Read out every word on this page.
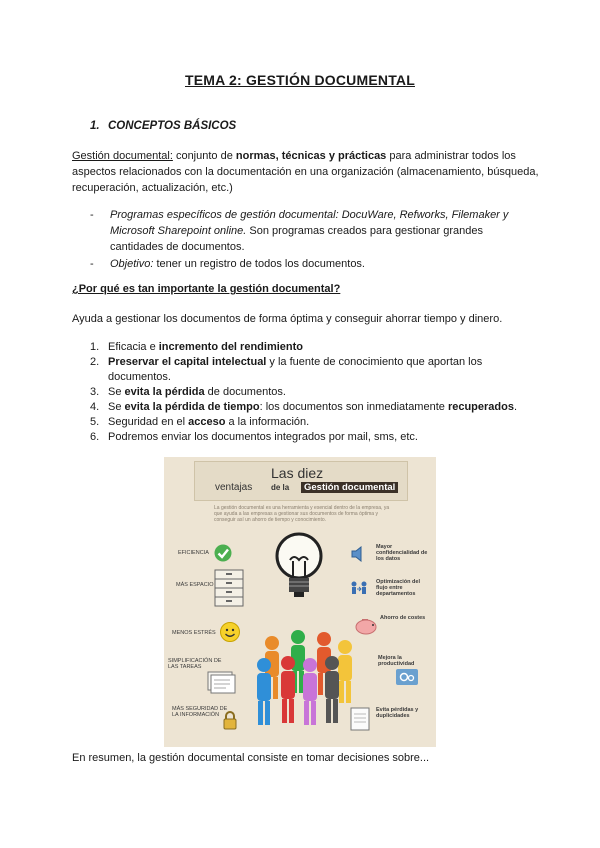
TEMA 2: GESTIÓN DOCUMENTAL
1. CONCEPTOS BÁSICOS
Gestión documental: conjunto de normas, técnicas y prácticas para administrar todos los aspectos relacionados con la documentación en una organización (almacenamiento, búsqueda, recuperación, actualización, etc.)
- Programas específicos de gestión documental: DocuWare, Refworks, Filemaker y Microsoft Sharepoint online. Son programas creados para gestionar grandes cantidades de documentos.
- Objetivo: tener un registro de todos los documentos.
¿Por qué es tan importante la gestión documental?
Ayuda a gestionar los documentos de forma óptima y conseguir ahorrar tiempo y dinero.
1. Eficacia e incremento del rendimiento
2. Preservar el capital intelectual y la fuente de conocimiento que aportan los documentos.
3. Se evita la pérdida de documentos.
4. Se evita la pérdida de tiempo: los documentos son inmediatamente recuperados.
5. Seguridad en el acceso a la información.
6. Podremos enviar los documentos integrados por mail, sms, etc.
Las diez
ventajas de la	Gestión documental
La gestión documental es una herramienta y esencial dentro de la empresa, ya que ayuda a las empresas a gestionar sus documentos de forma óptima y conseguir así un ahorro de tiempo y conocimiento.
EFICIENCIA
MÁS ESPACIO
MENOS ESTRÉS
SIMPLIFICACIÓN DE LAS TAREAS
MÁS SEGURIDAD DE LA INFORMACIÓN
Mayor confidencialidad de los datos
Optimización del flujo entre departamentos
Ahorro de costes
Mejora la productividad
Evita pérdidas y duplicidades
En resumen, la gestión documental consiste en tomar decisiones sobre...
